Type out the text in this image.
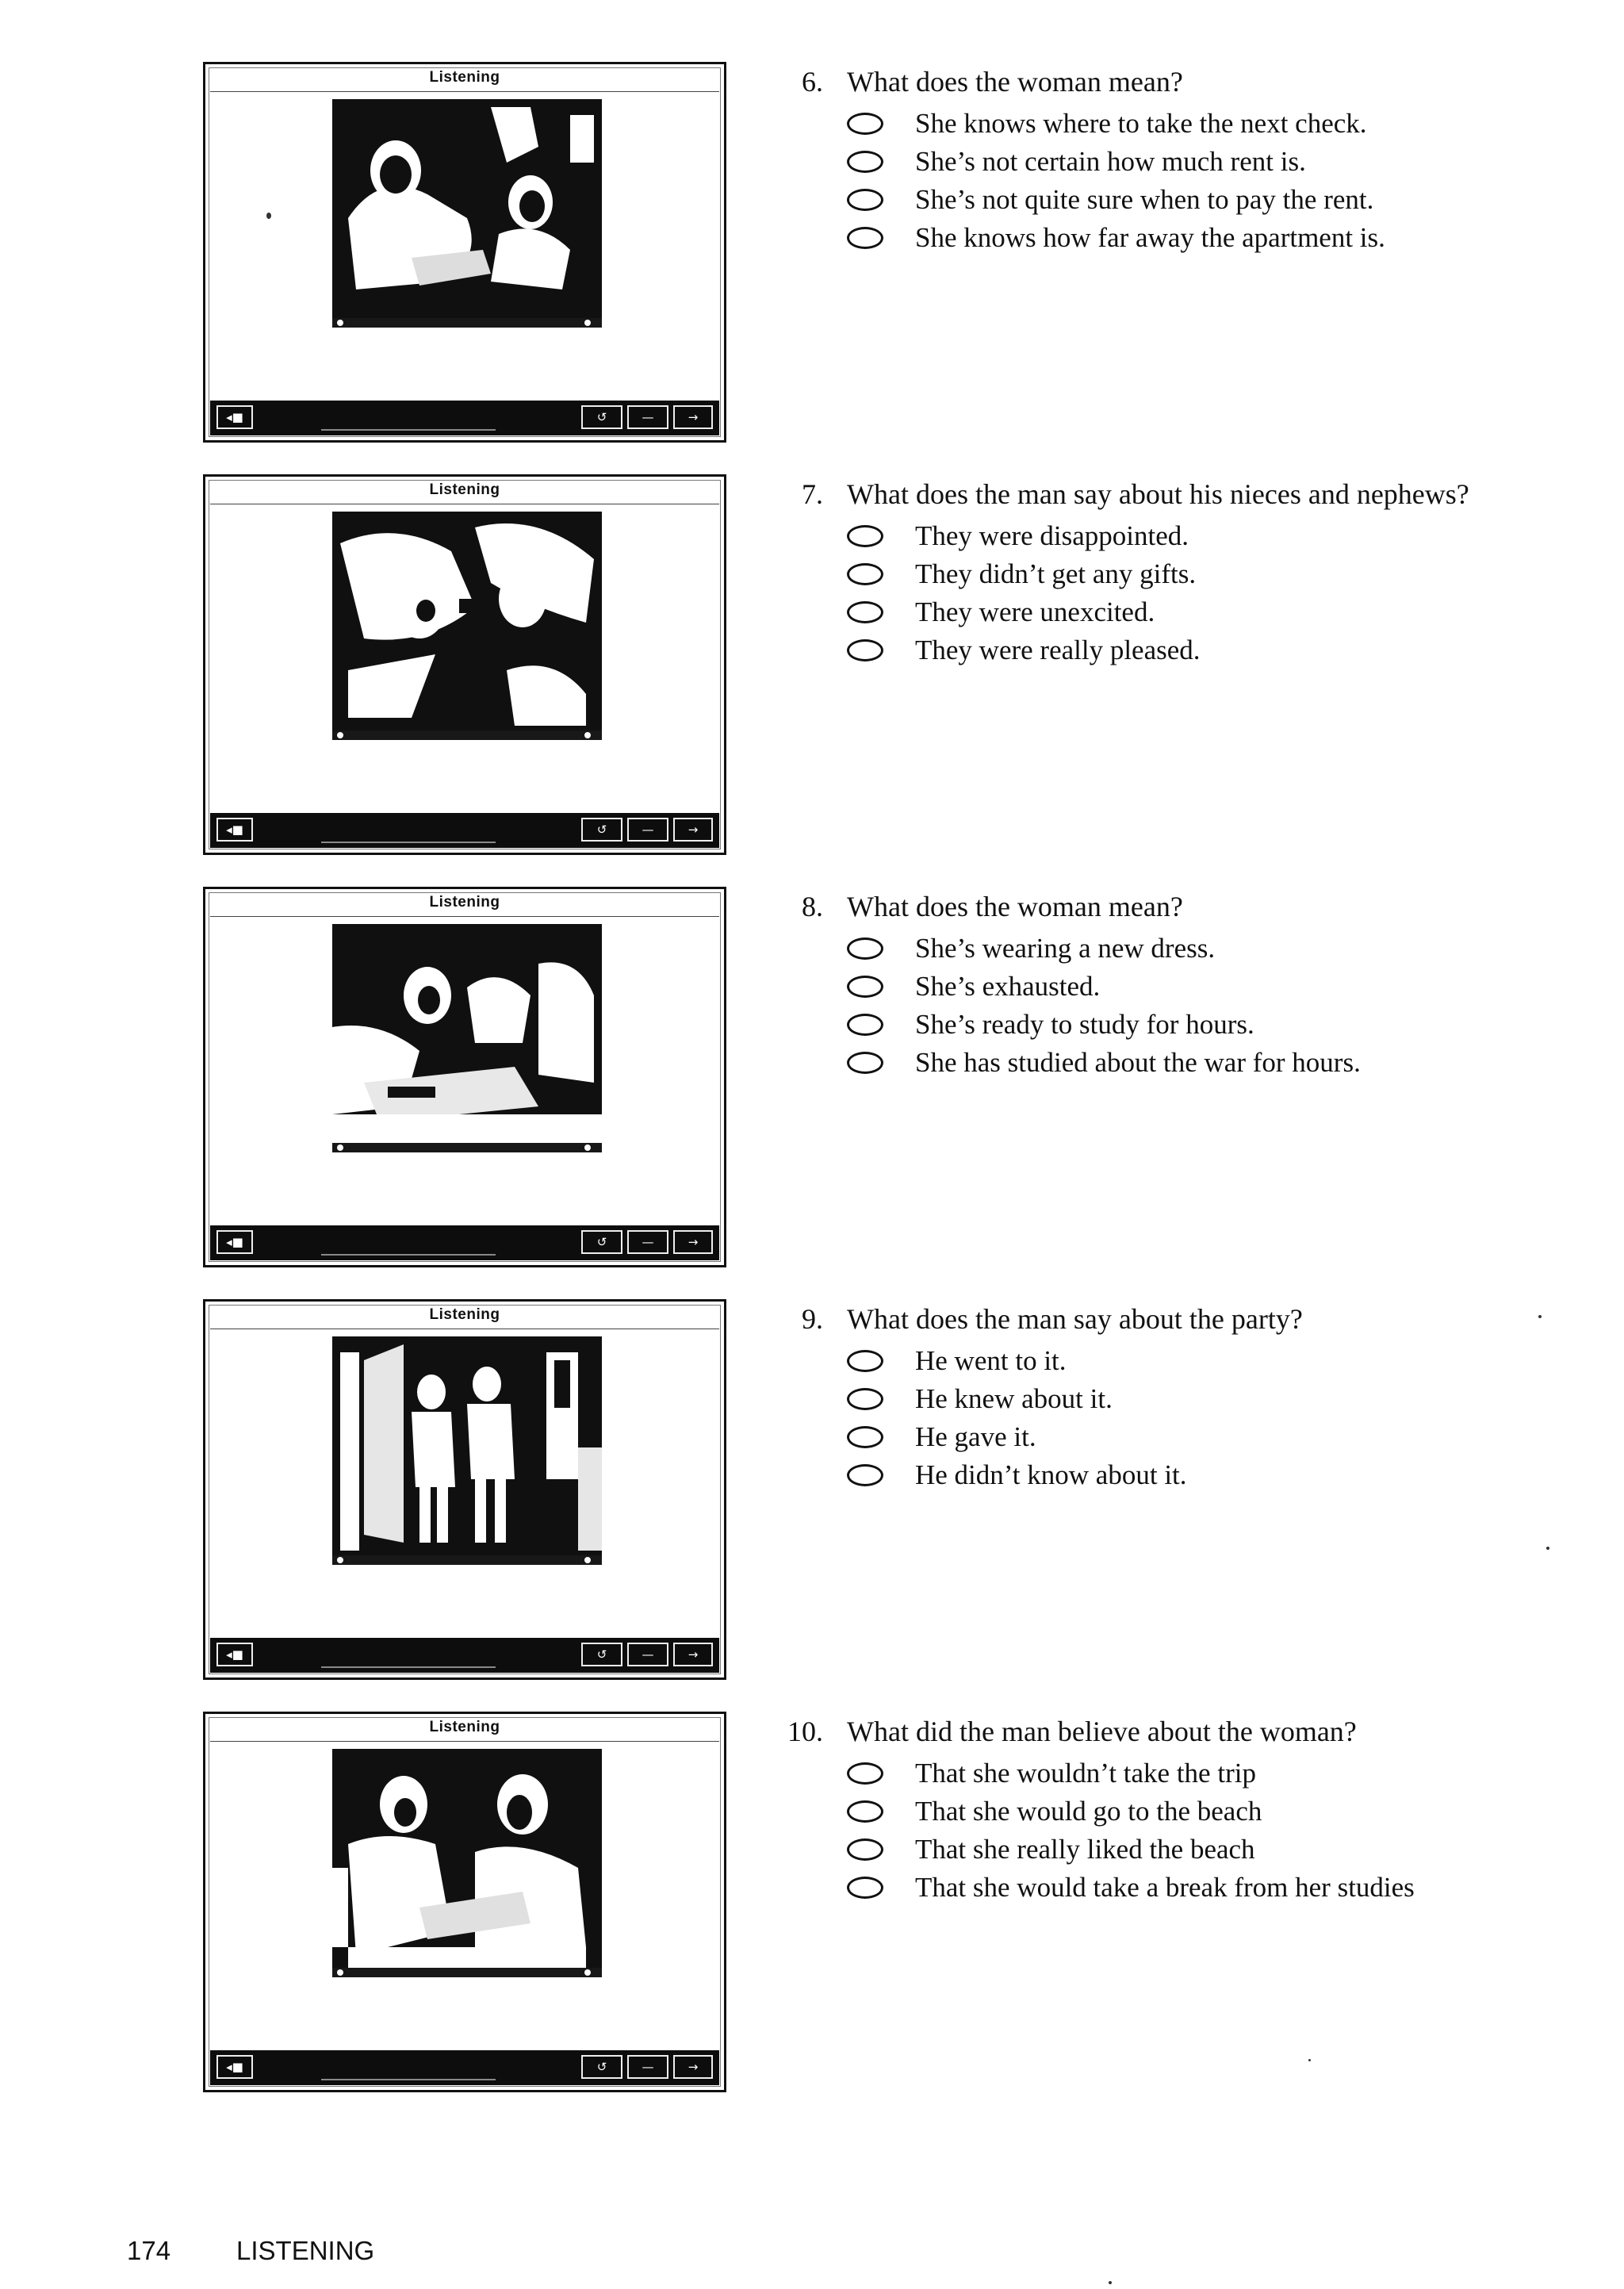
Listening
◂■	↺	—	→
6. What does the woman mean?
She knows where to take the next check.
She’s not certain how much rent is.
She’s not quite sure when to pay the rent.
She knows how far away the apartment is.
Listening
◂■	↺	—	→
7. What does the man say about his nieces and nephews?
They were disappointed.
They didn’t get any gifts.
They were unexcited.
They were really pleased.
Listening
◂■	↺	—	→
8. What does the woman mean?
She’s wearing a new dress.
She’s exhausted.
She’s ready to study for hours.
She has studied about the war for hours.
Listening
◂■	↺	—	→
9. What does the man say about the party?
He went to it.
He knew about it.
He gave it.
He didn’t know about it.
Listening
◂■	↺	—	→
10. What did the man believe about the woman?
That she wouldn’t take the trip
That she would go to the beach
That she really liked the beach
That she would take a break from her studies
174	LISTENING
